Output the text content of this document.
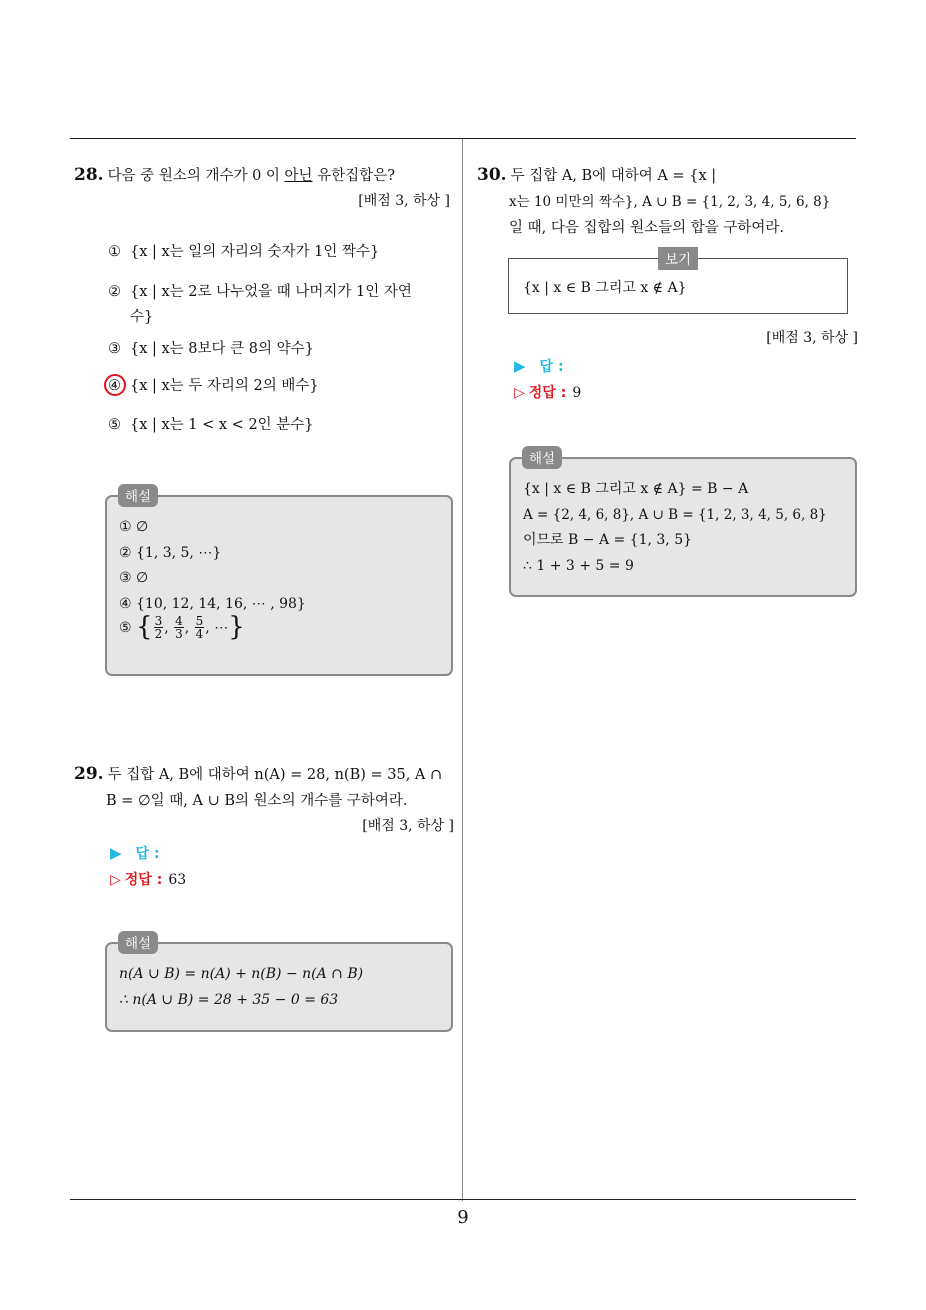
28. 다음 중 원소의 개수가 0 이 아닌 유한집합은?
[배점 3, 하상 ]
① {x | x는 일의 자리의 숫자가 1인 짝수}
② {x | x는 2로 나누었을 때 나머지가 1인 자연
수}
③ {x | x는 8보다 큰 8의 약수}
④ {x | x는 두 자리의 2의 배수}
⑤ {x | x는 1 < x < 2인 분수}
① ∅
② {1, 3, 5, ⋯}
③ ∅
④ {10, 12, 14, 16, ⋯ , 98}
⑤ { $\frac{3}{2}$ , $\frac{4}{3}$ , $\frac{5}{4}$ , ⋯}
해설
29. 두 집합 A, B에 대하여 n(A) = 28, n(B) = 35, A ∩
B = ∅일 때, A ∪ B의 원소의 개수를 구하여라.
[배점 3, 하상 ]
▶ 답 :
▷ 정답 : 63
n(A ∪ B) = n(A) + n(B) − n(A ∩ B)
∴ n(A ∪ B) = 28 + 35 − 0 = 63
해설
30. 두 집합 A, B에 대하여 A = {x |
x는 10 미만의 짝수}, A ∪ B = {1, 2, 3, 4, 5, 6, 8}
일 때, 다음 집합의 원소들의 합을 구하여라.
{x | x ∈ B 그리고 x ∉ A}
보기
[배점 3, 하상 ]
▶ 답 :
▷ 정답 : 9
{x | x ∈ B 그리고 x ∉ A} = B − A
A = {2, 4, 6, 8}, A ∪ B = {1, 2, 3, 4, 5, 6, 8}
이므로 B − A = {1, 3, 5}
∴ 1 + 3 + 5 = 9
해설
9
